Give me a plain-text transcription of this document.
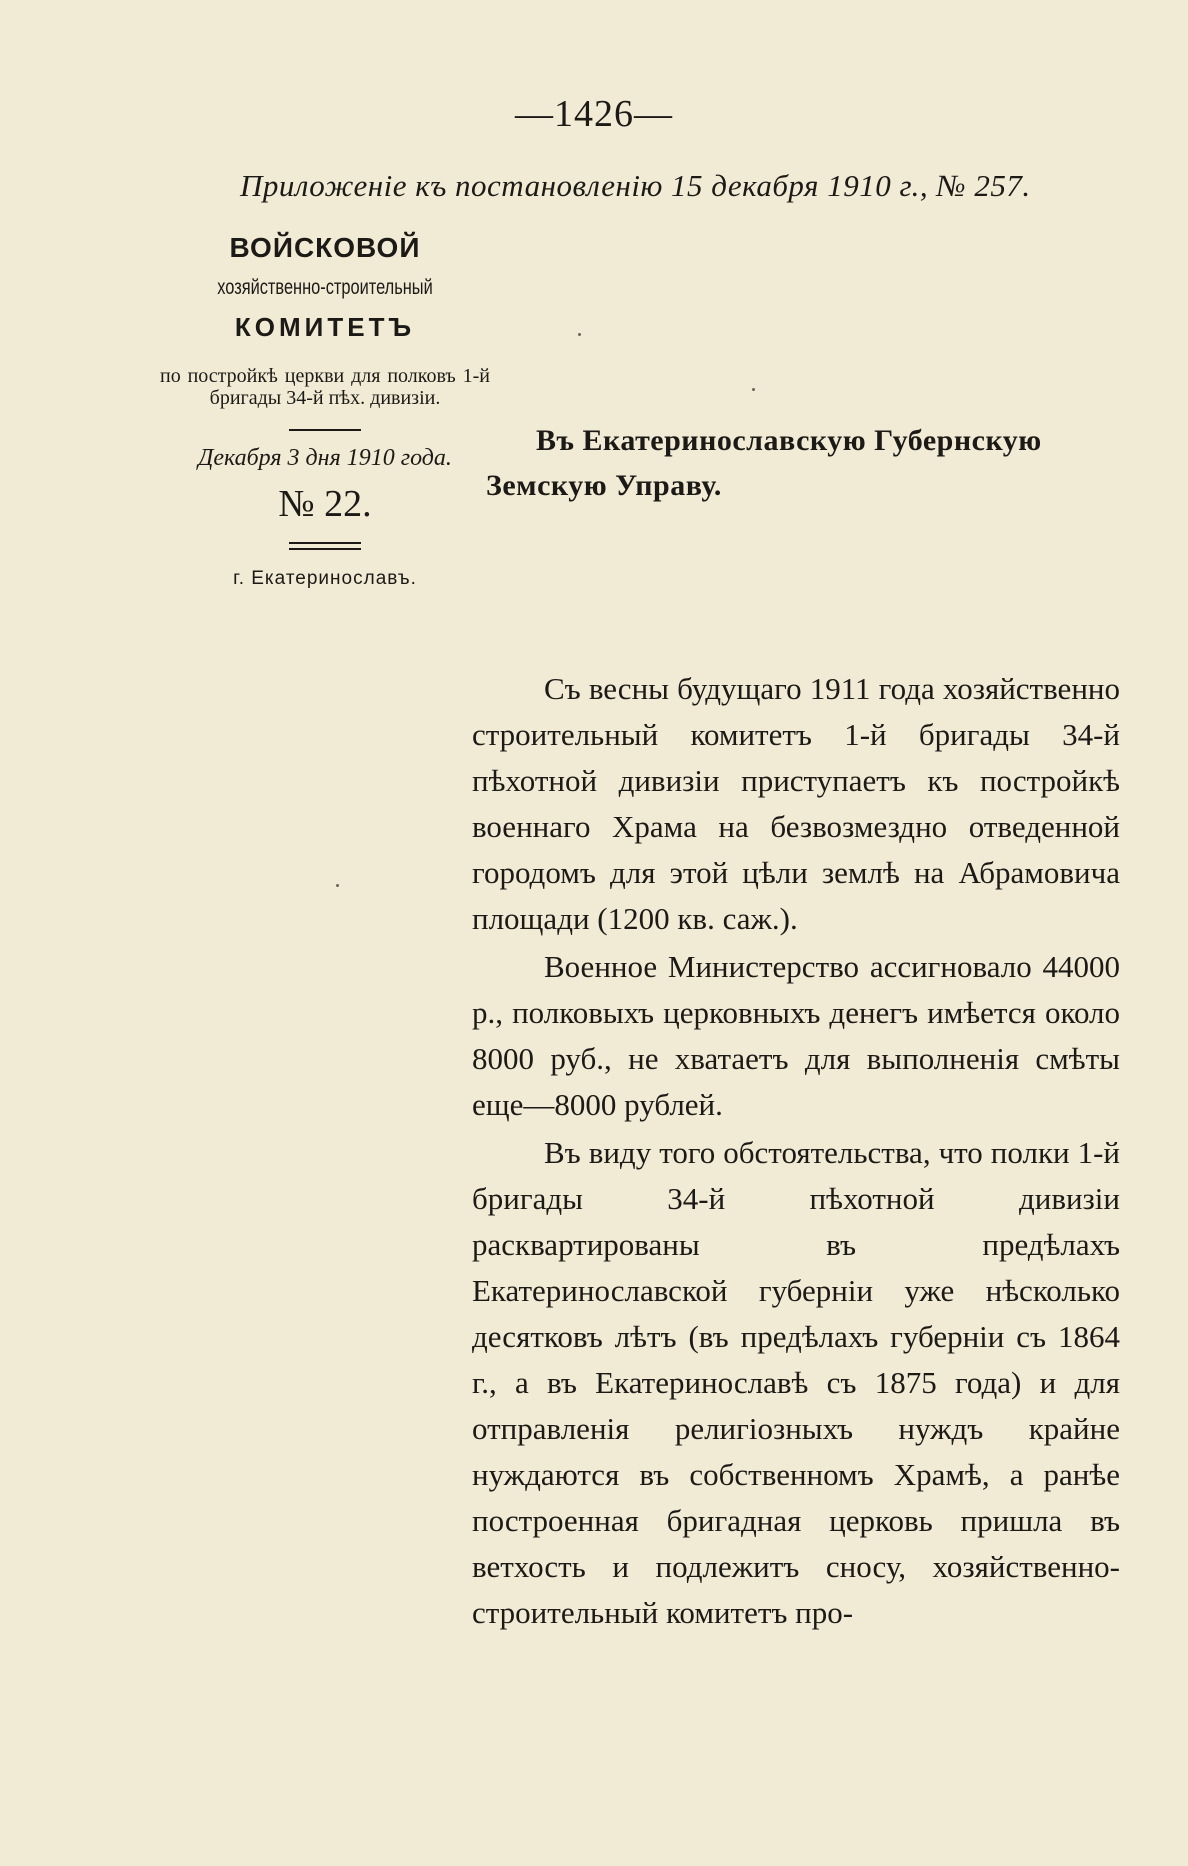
—1426—
Приложеніе къ постановленію 15 декабря 1910 г., № 257.
ВОЙСКОВОЙ
хозяйственно-строительный
КОМИТЕТЪ
по постройкѣ церкви для полковъ 1-й бригады 34-й пѣх. дивизіи.
Декабря 3 дня 1910 года.
№ 22.
г. Екатеринославъ.
Въ Екатеринославскую Губернскую
Земскую Управу.

Съ весны будущаго 1911 года хозяйственно строительный комитетъ 1-й бригады 34-й пѣхотной дивизіи приступаетъ къ постройкѣ военнаго Храма на безвозмездно отведенной городомъ для этой цѣли землѣ на Абрамовича площади (1200 кв. саж.).

Военное Министерство ассигновало 44000 р., полковыхъ церковныхъ денегъ имѣется около 8000 руб., не хватаетъ для выполненія смѣты еще—8000 рублей.

Въ виду того обстоятельства, что полки 1-й бригады 34-й пѣхотной дивизіи расквартированы въ предѣлахъ Екатеринославской губерніи уже нѣсколько десятковъ лѣтъ (въ предѣлахъ губерніи съ 1864 г., а въ Екатеринославѣ съ 1875 года) и для отправленія религіозныхъ нуждъ крайне нуждаются въ собственномъ Храмѣ, а ранѣе построенная бригадная церковь пришла въ ветхость и подлежитъ сносу, хозяйственно-строительный комитетъ про-
